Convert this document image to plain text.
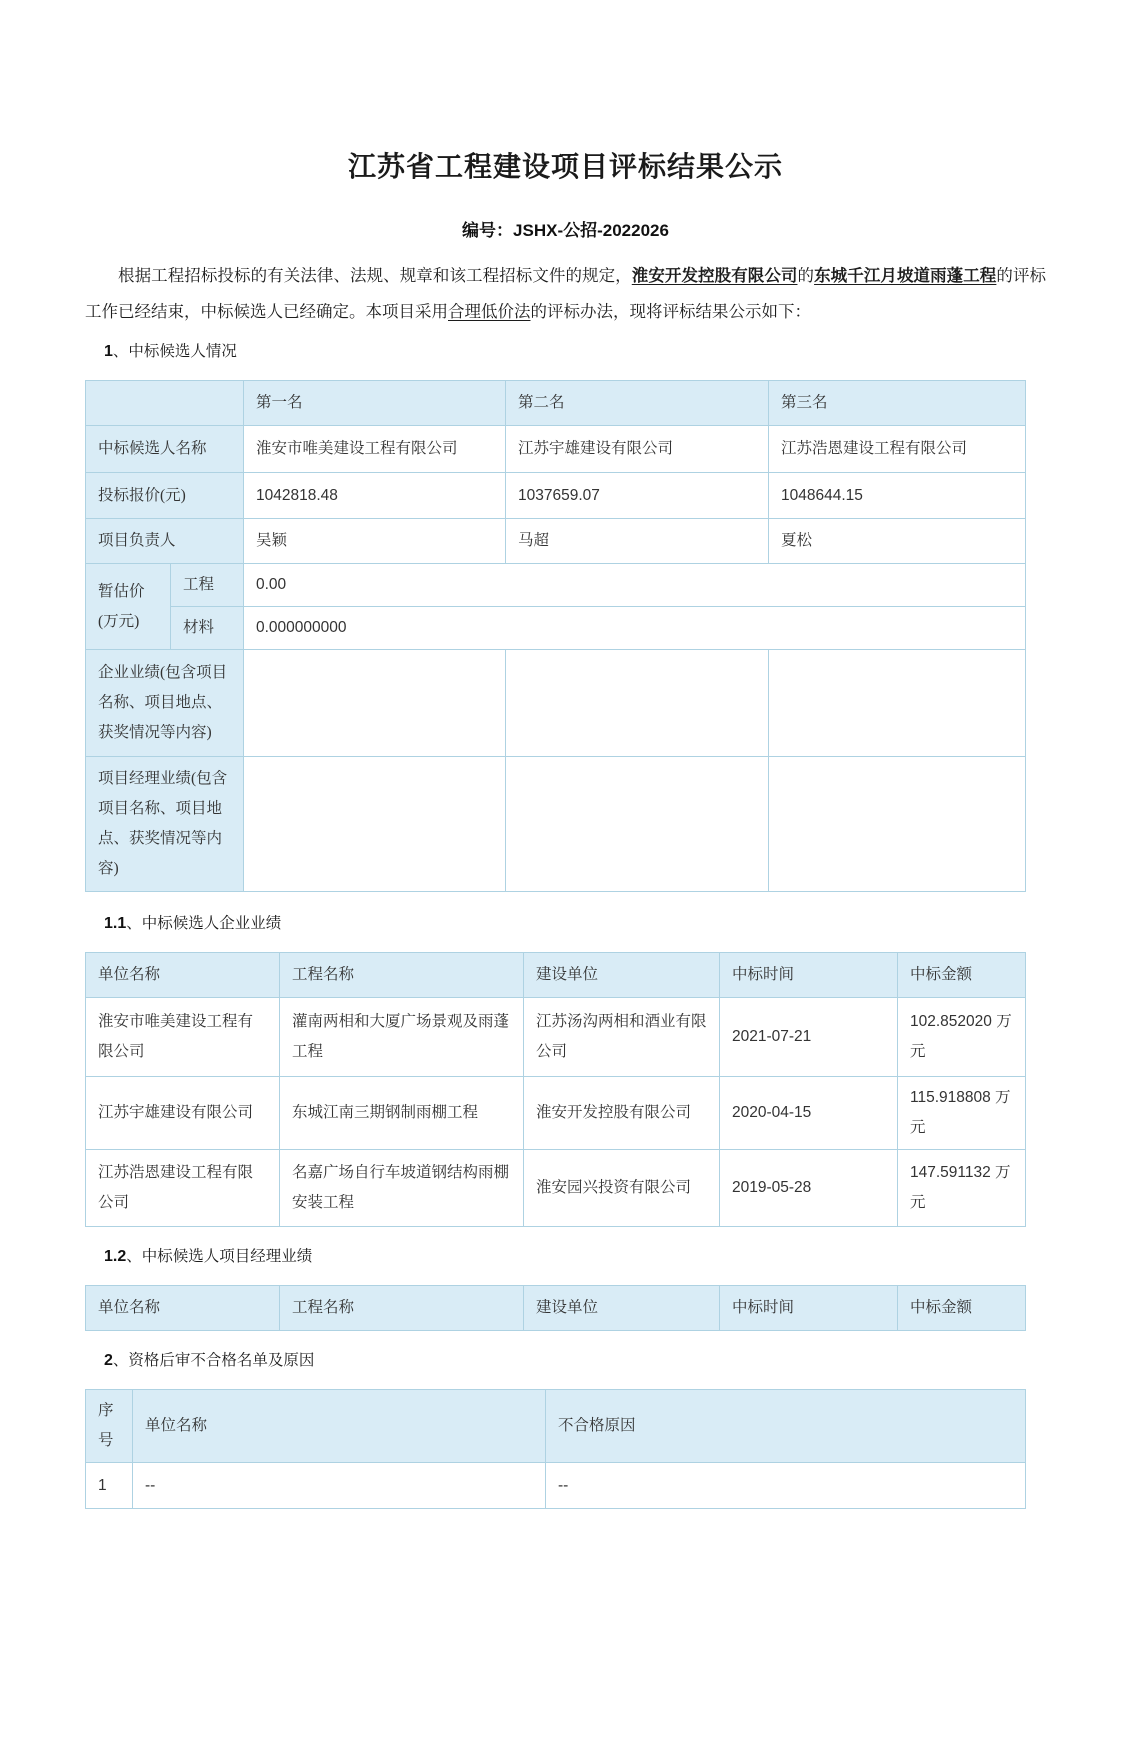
江苏省工程建设项目评标结果公示
编号：JSHX-公招-2022026

根据工程招标投标的有关法律、法规、规章和该工程招标文件的规定，淮安开发控股有限公司的东城千江月坡道雨蓬工程的评标工作已经结束，中标候选人已经确定。本项目采用合理低价法的评标办法，现将评标结果公示如下：

1、中标候选人情况
		第一名	第二名	第三名
中标候选人名称		淮安市唯美建设工程有限公司	江苏宇雄建设有限公司	江苏浩恩建设工程有限公司
投标报价(元)		1042818.48	1037659.07	1048644.15
项目负责人		吴颖	马超	夏松
暂估价 (万元)	工程	0.00		
	材料	0.000000000		
企业业绩(包含项目名称、项目地点、获奖情况等内容)				
项目经理业绩(包含项目名称、项目地点、获奖情况等内容)				
1.1、中标候选人企业业绩
单位名称	工程名称	建设单位	中标时间	中标金额
淮安市唯美建设工程有限公司	灌南两相和大厦广场景观及雨蓬工程	江苏汤沟两相和酒业有限公司	2021-07-21	102.852020 万元
江苏宇雄建设有限公司	东城江南三期钢制雨棚工程	淮安开发控股有限公司	2020-04-15	115.918808 万元
江苏浩恩建设工程有限公司	名嘉广场自行车坡道钢结构雨棚安装工程	淮安园兴投资有限公司	2019-05-28	147.591132 万元
1.2、中标候选人项目经理业绩
单位名称	工程名称	建设单位	中标时间	中标金额
2、资格后审不合格名单及原因
序号	单位名称	不合格原因
1	--	--
